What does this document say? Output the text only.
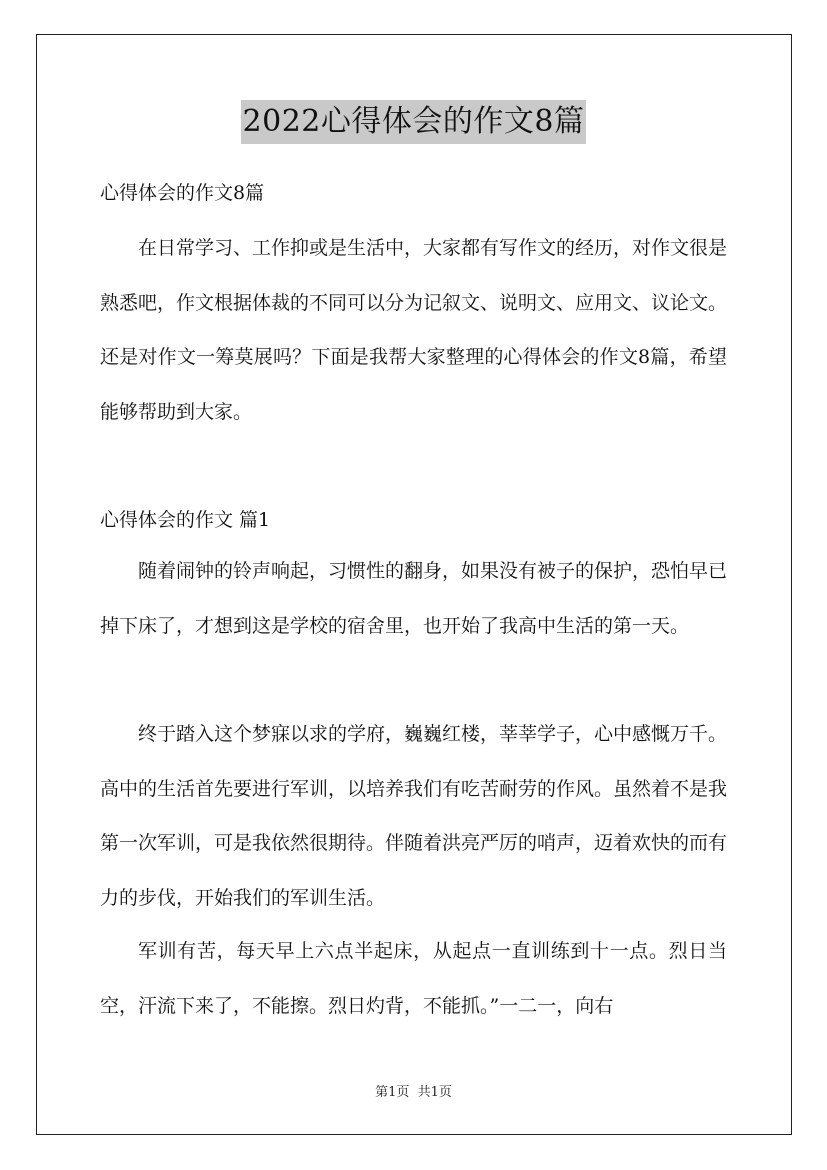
2022心得体会的作文8篇
心得体会的作文8篇

在日常学习、工作抑或是生活中，大家都有写作文的经历，对作文很是熟悉吧，作文根据体裁的不同可以分为记叙文、说明文、应用文、议论文。还是对作文一筹莫展吗？下面是我帮大家整理的心得体会的作文8篇，希望能够帮助到大家。

心得体会的作文 篇1

随着闹钟的铃声响起，习惯性的翻身，如果没有被子的保护，恐怕早已掉下床了，才想到这是学校的宿舍里，也开始了我高中生活的第一天。

终于踏入这个梦寐以求的学府，巍巍红楼，莘莘学子，心中感慨万千。高中的生活首先要进行军训，以培养我们有吃苦耐劳的作风。虽然着不是我第一次军训，可是我依然很期待。伴随着洪亮严厉的哨声，迈着欢快的而有力的步伐，开始我们的军训生活。

军训有苦，每天早上六点半起床，从起点一直训练到十一点。烈日当空，汗流下来了，不能擦。烈日灼背，不能抓。”一二一，向右

第1页 共1页
